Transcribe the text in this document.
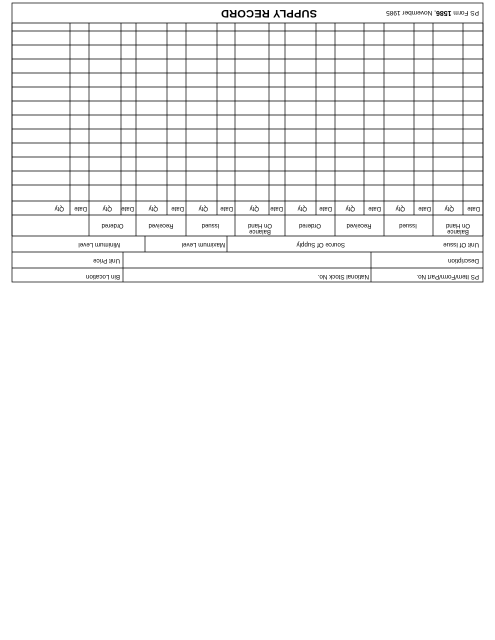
PS Form 1586, November 1985
SUPPLY RECORD
PS Item/Form/Part No.
National Stock No.
Bin Location
Description
Unit Price
Unit Of Issue
Source Of Supply
Maximum Level
Minimum Level
Balance
On Hand
Issued
Received
Ordered
Balance
On Hand
Issued
Received
Ordered
Date
Qty
Date
Qty
Date
Qty
Date
Qty
Date
Qty
Date
Qty
Date
Qty
Date
Qty
Date
Qty
